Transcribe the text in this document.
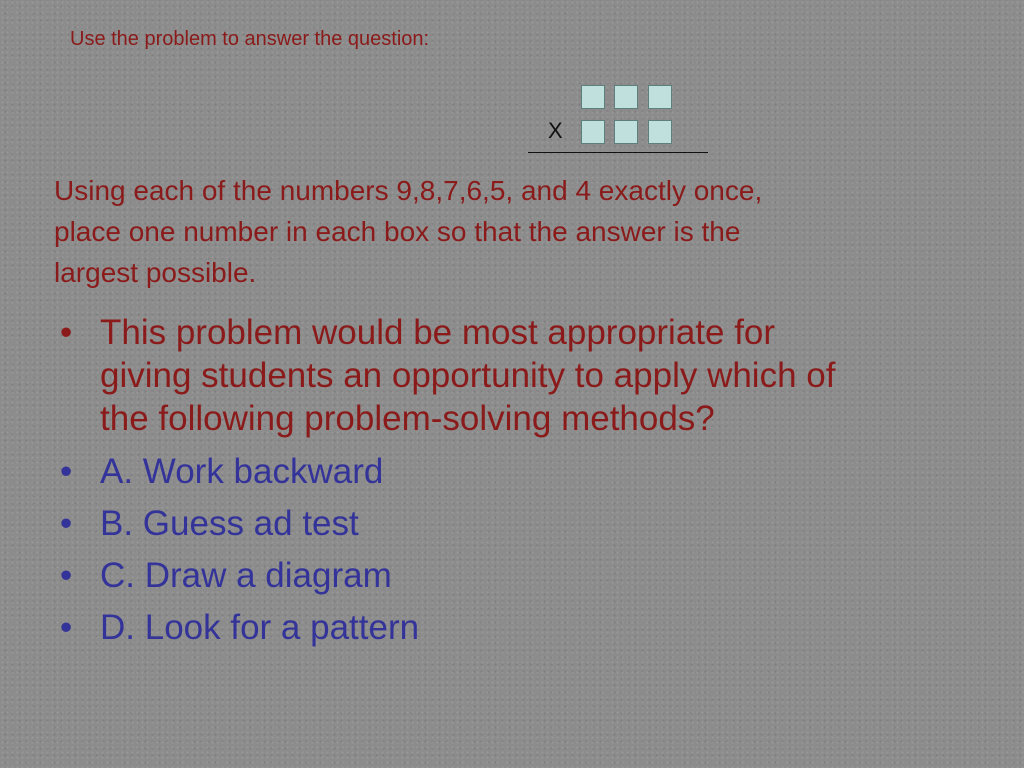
Use the problem to answer the question:
X
Using each of the numbers 9,8,7,6,5, and 4 exactly once,
place one number in each box so that the answer is the
largest possible.
• This problem would be most appropriate for
giving students an opportunity to apply which of
the following problem-solving methods?
• A. Work backward
• B. Guess ad test
• C. Draw a diagram
• D. Look for a pattern
